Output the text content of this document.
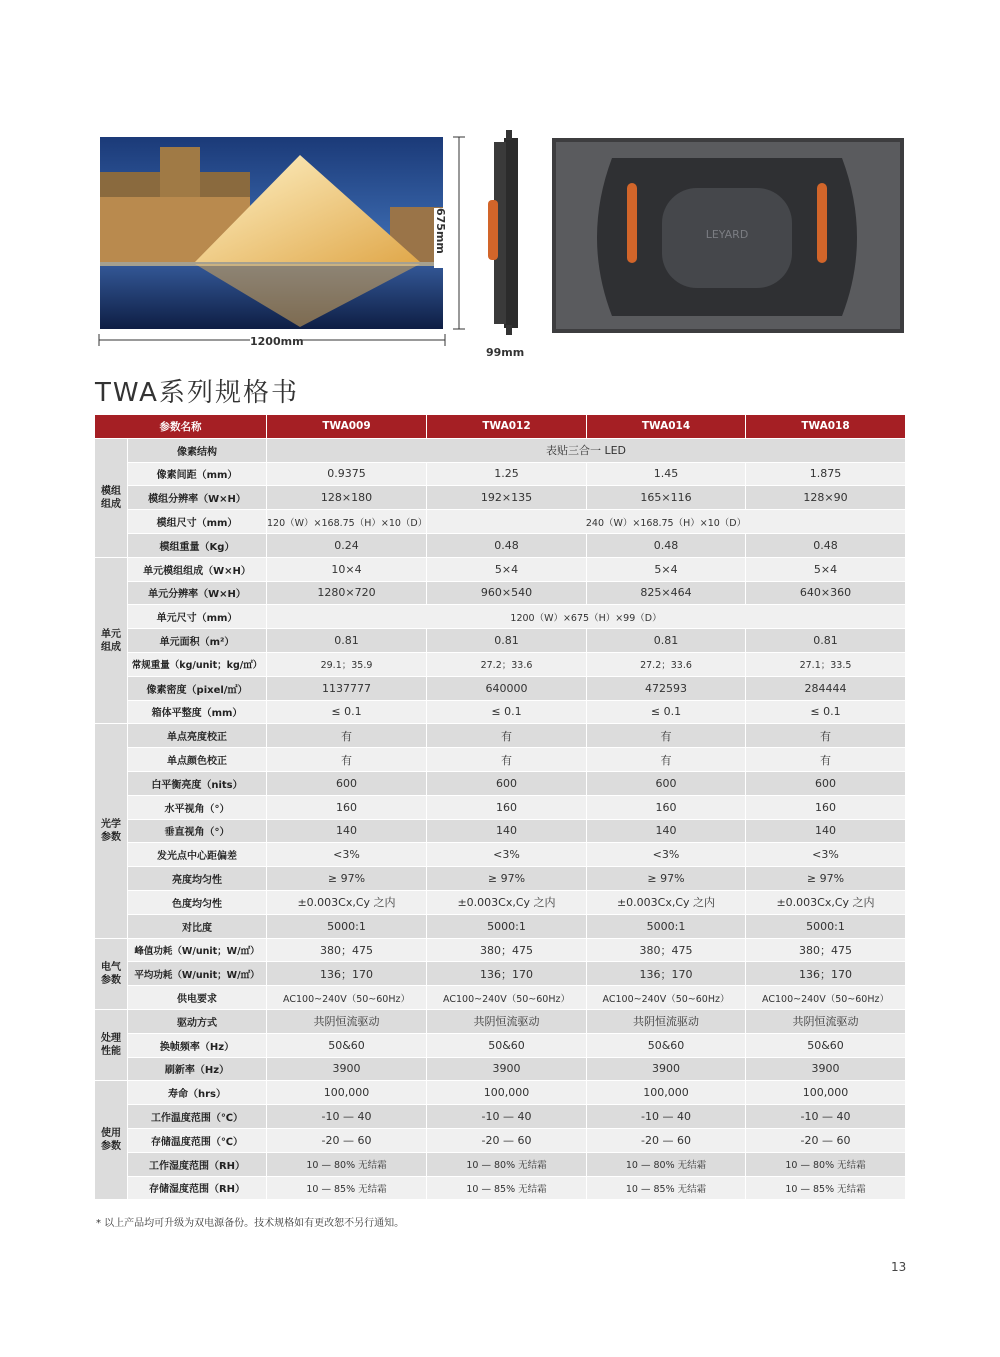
LEYARD
1200mm
675mm
99mm
TWA系列规格书
参数名称		TWA009	TWA012	TWA014	TWA018
模组
组成	像素结构	表贴三合一 LED			
	像素间距（mm）	0.9375	1.25	1.45	1.875
	模组分辨率（W×H）	128×180	192×135	165×116	128×90
	模组尺寸（mm）	120（W）×168.75（H）×10（D）	240（W）×168.75（H）×10（D）		
	模组重量（Kg）	0.24	0.48	0.48	0.48
单元
组成	单元模组组成（W×H）	10×4	5×4	5×4	5×4
	单元分辨率（W×H）	1280×720	960×540	825×464	640×360
	单元尺寸（mm）	1200（W）×675（H）×99（D）			
	单元面积（m²）	0.81	0.81	0.81	0.81
	常规重量（kg/unit；kg/㎡）	29.1；35.9	27.2；33.6	27.2；33.6	27.1；33.5
	像素密度（pixel/㎡）	1137777	640000	472593	284444
	箱体平整度（mm）	≤ 0.1	≤ 0.1	≤ 0.1	≤ 0.1
光学
参数	单点亮度校正	有	有	有	有
	单点颜色校正	有	有	有	有
	白平衡亮度（nits）	600	600	600	600
	水平视角（°）	160	160	160	160
	垂直视角（°）	140	140	140	140
	发光点中心距偏差	<3%	<3%	<3%	<3%
	亮度均匀性	≥ 97%	≥ 97%	≥ 97%	≥ 97%
	色度均匀性	±0.003Cx,Cy 之内	±0.003Cx,Cy 之内	±0.003Cx,Cy 之内	±0.003Cx,Cy 之内
	对比度	5000:1	5000:1	5000:1	5000:1
电气
参数	峰值功耗（W/unit；W/㎡）	380；475	380；475	380；475	380；475
	平均功耗（W/unit；W/㎡）	136；170	136；170	136；170	136；170
	供电要求	AC100~240V（50~60Hz）	AC100~240V（50~60Hz）	AC100~240V（50~60Hz）	AC100~240V（50~60Hz）
处理
性能	驱动方式	共阴恒流驱动	共阴恒流驱动	共阴恒流驱动	共阴恒流驱动
	换帧频率（Hz）	50&60	50&60	50&60	50&60
	刷新率（Hz）	3900	3900	3900	3900
使用
参数	寿命（hrs）	100,000	100,000	100,000	100,000
	工作温度范围（℃）	-10 — 40	-10 — 40	-10 — 40	-10 — 40
	存储温度范围（℃）	-20 — 60	-20 — 60	-20 — 60	-20 — 60
	工作湿度范围（RH）	10 — 80% 无结霜	10 — 80% 无结霜	10 — 80% 无结霜	10 — 80% 无结霜
	存储湿度范围（RH）	10 — 85% 无结霜	10 — 85% 无结霜	10 — 85% 无结霜	10 — 85% 无结霜
* 以上产品均可升级为双电源备份。技术规格如有更改恕不另行通知。
13
